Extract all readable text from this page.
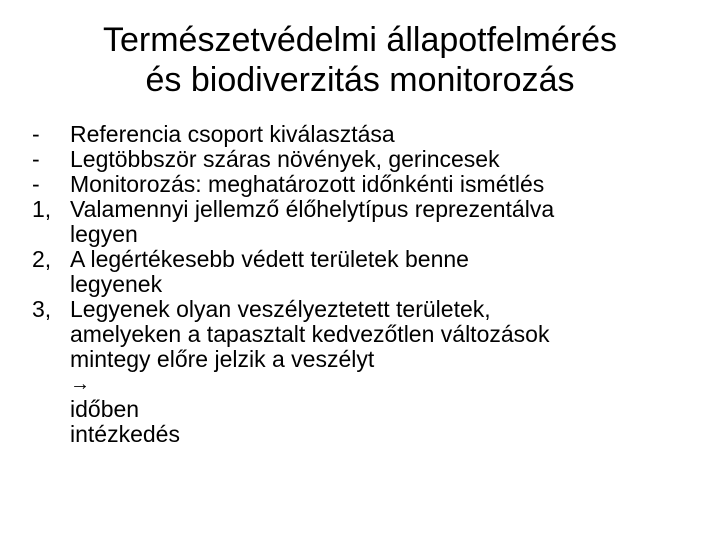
Természetvédelmi állapotfelmérés
és biodiverzitás monitorozás
-	Referencia csoport kiválasztása
-	Legtöbbször száras növények, gerincesek
-	Monitorozás: meghatározott időnkénti ismétlés
1, Valamennyi jellemző élőhelytípus reprezentálva
legyen
2, A legértékesebb védett területek benne
legyenek
3, Legyenek olyan veszélyeztetett területek,
amelyeken a tapasztalt kedvezőtlen változások
mintegy előre jelzik a veszélyt
→
időben
intézkedés
